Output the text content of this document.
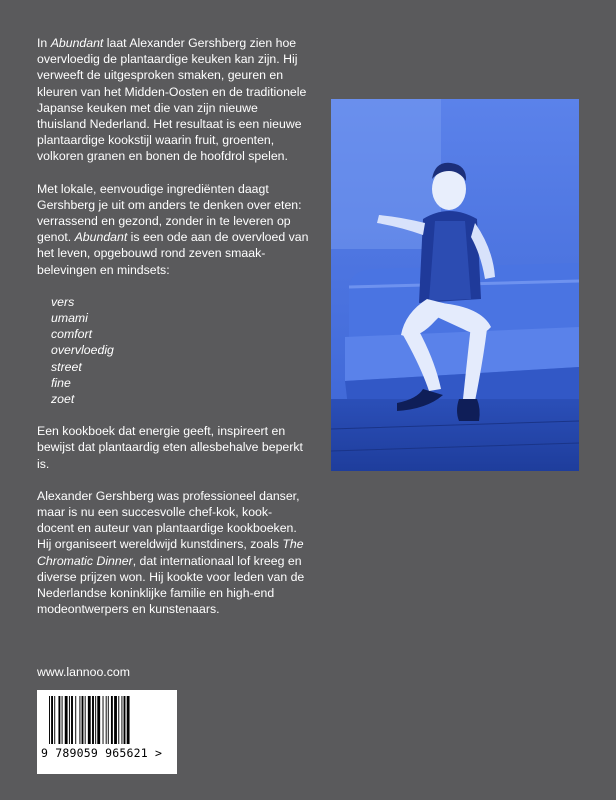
In Abundant laat Alexander Gershberg zien hoe overvloedig de plantaardige keuken kan zijn. Hij verweeft de uitgesproken smaken, geuren en kleuren van het Midden-Oosten en de traditionele Japanse keuken met die van zijn nieuwe thuisland Nederland. Het resultaat is een nieuwe plantaardige kookstijl waarin fruit, groenten, volkoren granen en bonen de hoofdrol spelen.

Met lokale, eenvoudige ingrediënten daagt Gershberg je uit om anders te denken over eten: verrassend en gezond, zonder in te leveren op genot. Abundant is een ode aan de overvloed van het leven, opgebouwd rond zeven smaak-belevingen en mindsets:

vers
umami
comfort
overvloedig
street
fine
zoet

Een kookboek dat energie geeft, inspireert en bewijst dat plantaardig eten allesbehalve beperkt is.

Alexander Gershberg was professioneel danser, maar is nu een succesvolle chef-kok, kook-docent en auteur van plantaardige kookboeken. Hij organiseert wereldwijd kunstdiners, zoals The Chromatic Dinner, dat internationaal lof kreeg en diverse prijzen won. Hij kookte voor leden van de Nederlandse koninklijke familie en high-end modeontwerpers en kunstenaars.

www.lannoo.com
9 789059 965621 >
